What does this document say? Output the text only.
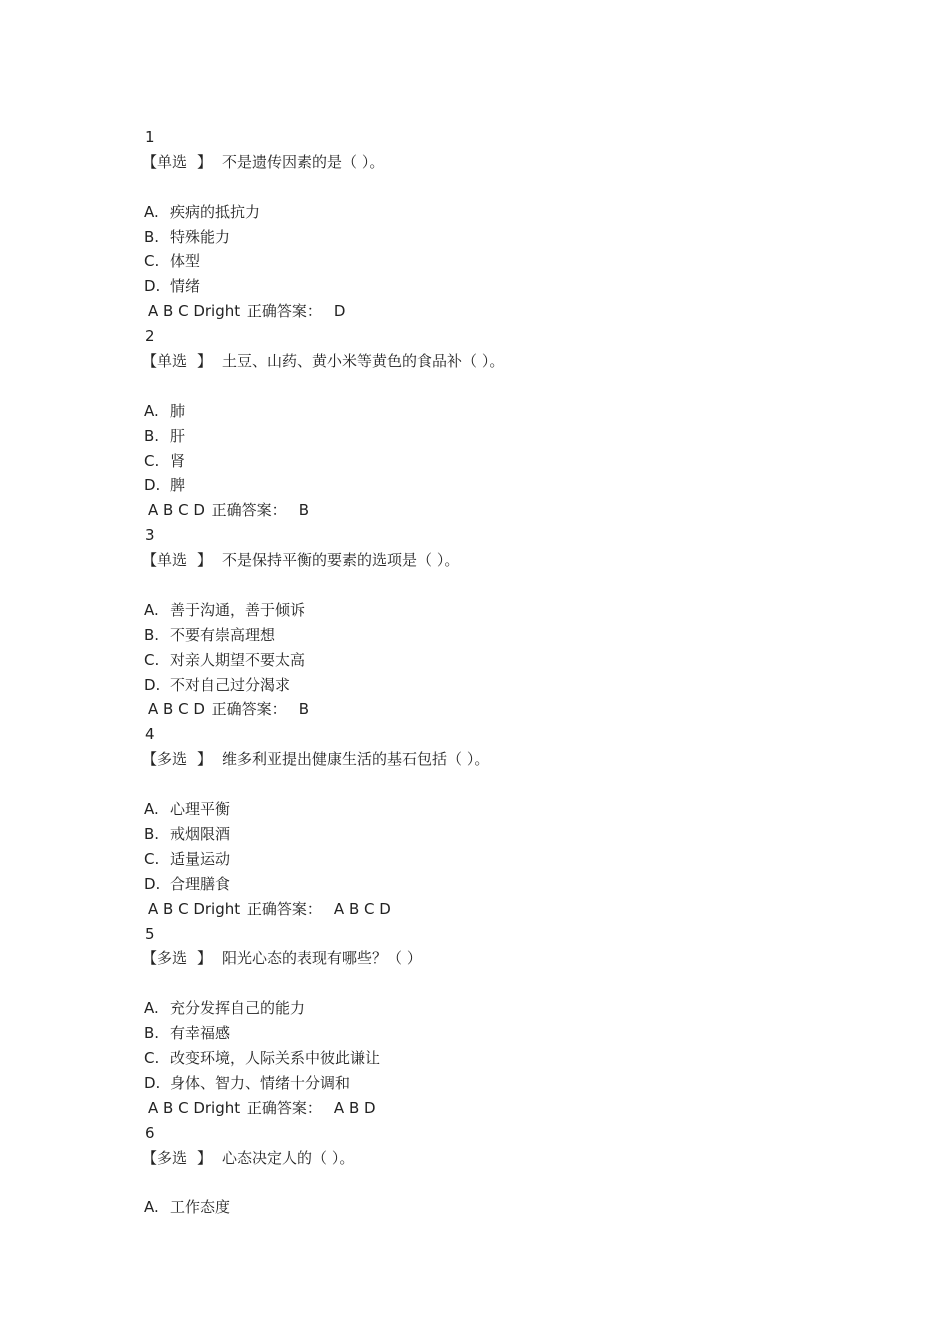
1
【单选 】 不是遗传因素的是（ ）。
A. 疾病的抵抗力
B. 特殊能力
C. 体型
D. 情绪
A B C Dright 正确答案： D
2
【单选 】 土豆、山药、黄小米等黄色的食品补（ ）。
A. 肺
B. 肝
C. 肾
D. 脾
A B C D 正确答案： B
3
【单选 】 不是保持平衡的要素的选项是（ ）。
A. 善于沟通，善于倾诉
B. 不要有崇高理想
C. 对亲人期望不要太高
D. 不对自己过分渴求
A B C D 正确答案： B
4
【多选 】 维多利亚提出健康生活的基石包括（ ）。
A. 心理平衡
B. 戒烟限酒
C. 适量运动
D. 合理膳食
A B C Dright 正确答案： A B C D
5
【多选 】 阳光心态的表现有哪些？（ ）
A. 充分发挥自己的能力
B. 有幸福感
C. 改变环境，人际关系中彼此谦让
D. 身体、智力、情绪十分调和
A B C Dright 正确答案： A B D
6
【多选 】 心态决定人的（ ）。
A. 工作态度
